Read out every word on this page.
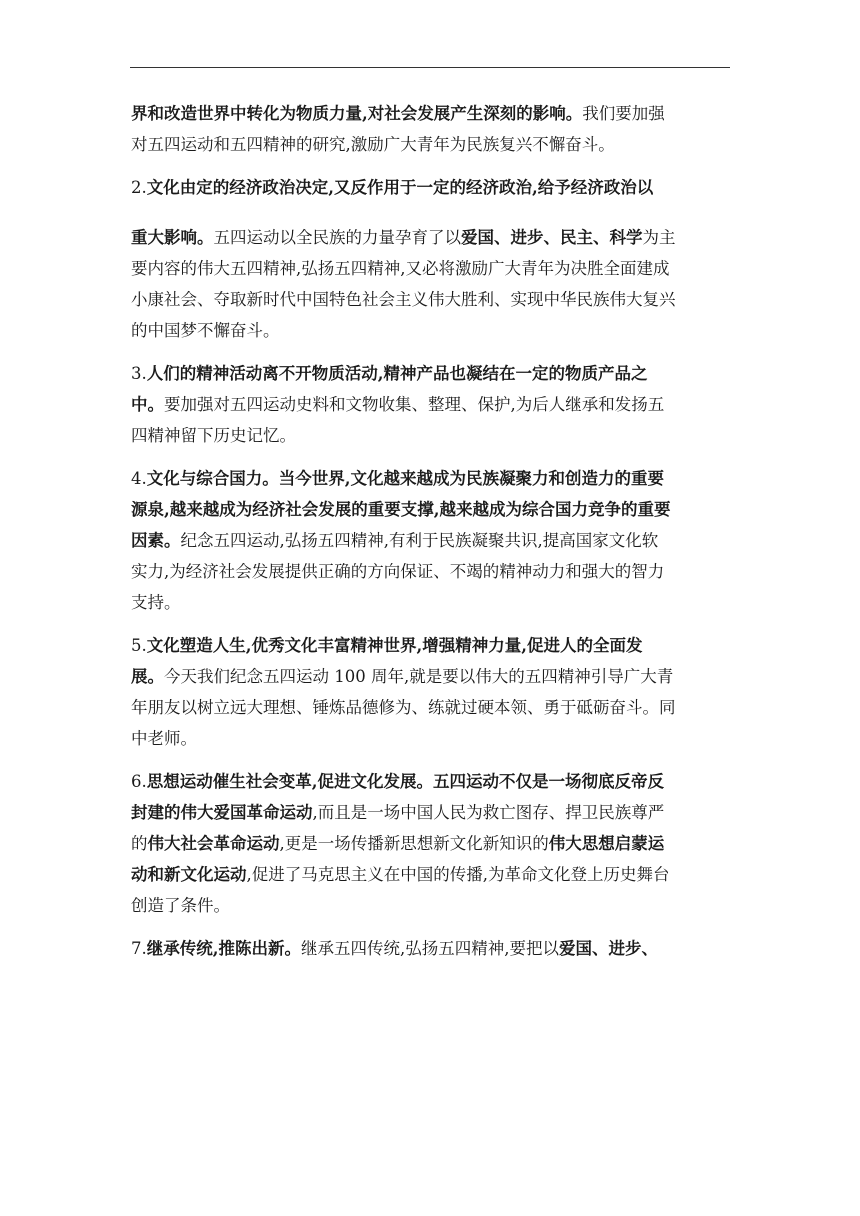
界和改造世界中转化为物质力量,对社会发展产生深刻的影响。我们要加强
对五四运动和五四精神的研究,激励广大青年为民族复兴不懈奋斗。

2.文化由定的经济政治决定,又反作用于一定的经济政治,给予经济政治以

重大影响。五四运动以全民族的力量孕育了以爱国、进步、民主、科学为主
要内容的伟大五四精神,弘扬五四精神,又必将激励广大青年为决胜全面建成
小康社会、夺取新时代中国特色社会主义伟大胜利、实现中华民族伟大复兴
的中国梦不懈奋斗。

3.人们的精神活动离不开物质活动,精神产品也凝结在一定的物质产品之
中。要加强对五四运动史料和文物收集、整理、保护,为后人继承和发扬五
四精神留下历史记忆。

4.文化与综合国力。当今世界,文化越来越成为民族凝聚力和创造力的重要
源泉,越来越成为经济社会发展的重要支撑,越来越成为综合国力竞争的重要
因素。纪念五四运动,弘扬五四精神,有利于民族凝聚共识,提高国家文化软
实力,为经济社会发展提供正确的方向保证、不竭的精神动力和强大的智力
支持。

5.文化塑造人生,优秀文化丰富精神世界,增强精神力量,促进人的全面发
展。今天我们纪念五四运动 100 周年,就是要以伟大的五四精神引导广大青
年朋友以树立远大理想、锤炼品德修为、练就过硬本领、勇于砥砺奋斗。同
中老师。

6.思想运动催生社会变革,促进文化发展。五四运动不仅是一场彻底反帝反
封建的伟大爱国革命运动,而且是一场中国人民为救亡图存、捍卫民族尊严
的伟大社会革命运动,更是一场传播新思想新文化新知识的伟大思想启蒙运
动和新文化运动,促进了马克思主义在中国的传播,为革命文化登上历史舞台
创造了条件。

7.继承传统,推陈出新。继承五四传统,弘扬五四精神,要把以爱国、进步、
